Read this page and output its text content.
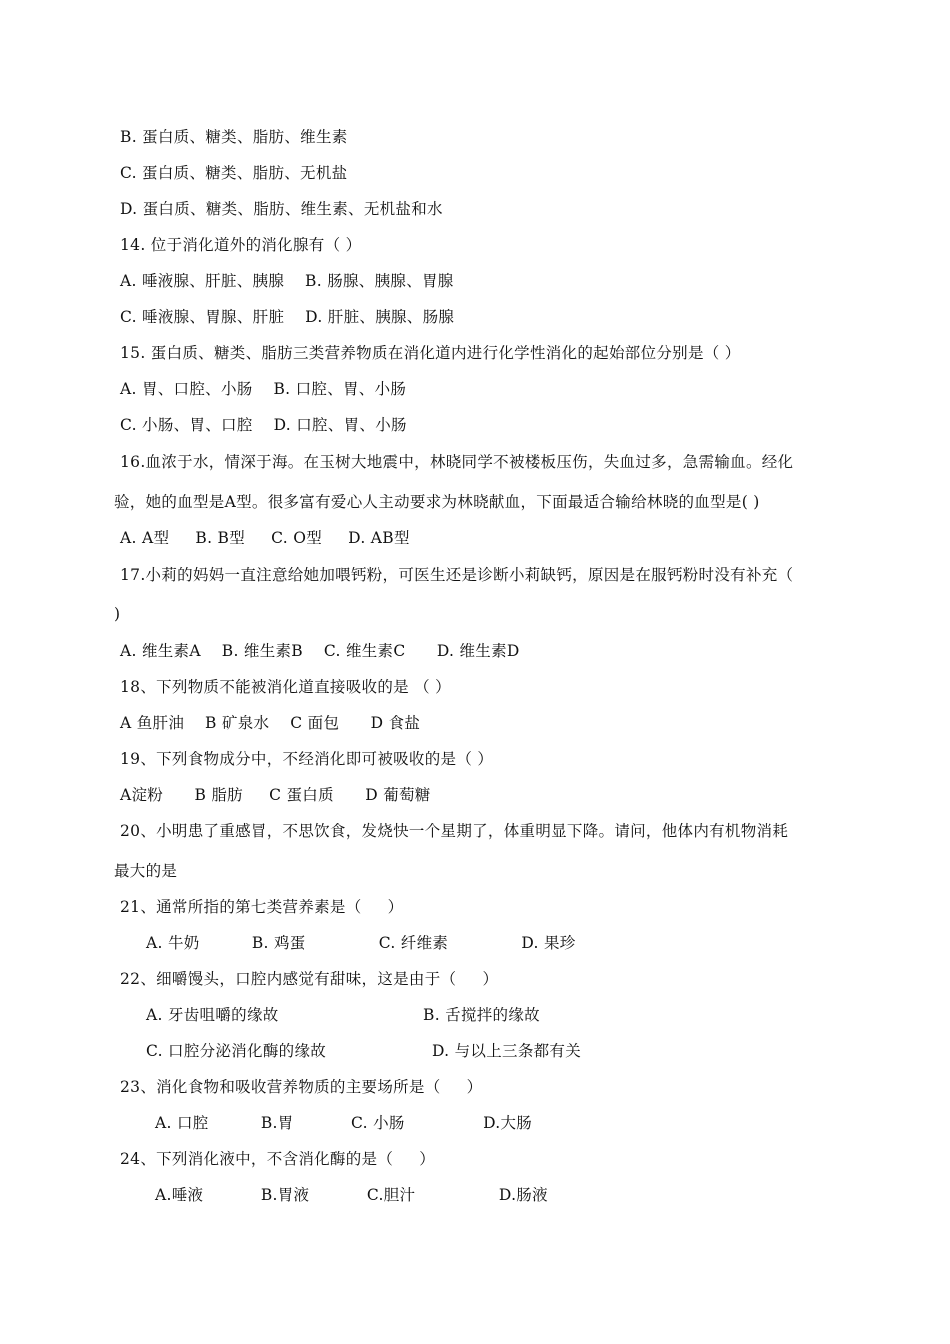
B. 蛋白质、糖类、脂肪、维生素
C. 蛋白质、糖类、脂肪、无机盐
D. 蛋白质、糖类、脂肪、维生素、无机盐和水
14. 位于消化道外的消化腺有（ ）
A. 唾液腺、肝脏、胰腺    B. 肠腺、胰腺、胃腺
C. 唾液腺、胃腺、肝脏    D. 肝脏、胰腺、肠腺
15. 蛋白质、糖类、脂肪三类营养物质在消化道内进行化学性消化的起始部位分别是（ ）
A. 胃、口腔、小肠    B. 口腔、胃、小肠
C. 小肠、胃、口腔    D. 口腔、胃、小肠
16.血浓于水，情深于海。在玉树大地震中，林晓同学不被楼板压伤，失血过多，急需输血。经化
验，她的血型是A型。很多富有爱心人主动要求为林晓献血，下面最适合输给林晓的血型是( )
A. A型     B. B型     C. O型     D. AB型
17.小莉的妈妈一直注意给她加喂钙粉，可医生还是诊断小莉缺钙，原因是在服钙粉时没有补充（
)
A. 维生素A    B. 维生素B    C. 维生素C      D. 维生素D
18、下列物质不能被消化道直接吸收的是 （ ）
A 鱼肝油    B 矿泉水    C 面包      D 食盐
19、下列食物成分中，不经消化即可被吸收的是（ ）
A淀粉      B 脂肪     C 蛋白质      D 葡萄糖
20、小明患了重感冒，不思饮食，发烧快一个星期了，体重明显下降。请问，他体内有机物消耗
最大的是
21、通常所指的第七类营养素是（     ）
A. 牛奶          B. 鸡蛋              C. 纤维素              D. 果珍
22、细嚼馒头，口腔内感觉有甜味，这是由于（     ）
A. 牙齿咀嚼的缘故	B. 舌搅拌的缘故
C. 口腔分泌消化酶的缘故	D. 与以上三条都有关
23、消化食物和吸收营养物质的主要场所是（     ）
A. 口腔          B.胃           C. 小肠               D.大肠
24、下列消化液中，不含消化酶的是（     ）
A.唾液           B.胃液           C.胆汁                D.肠液
